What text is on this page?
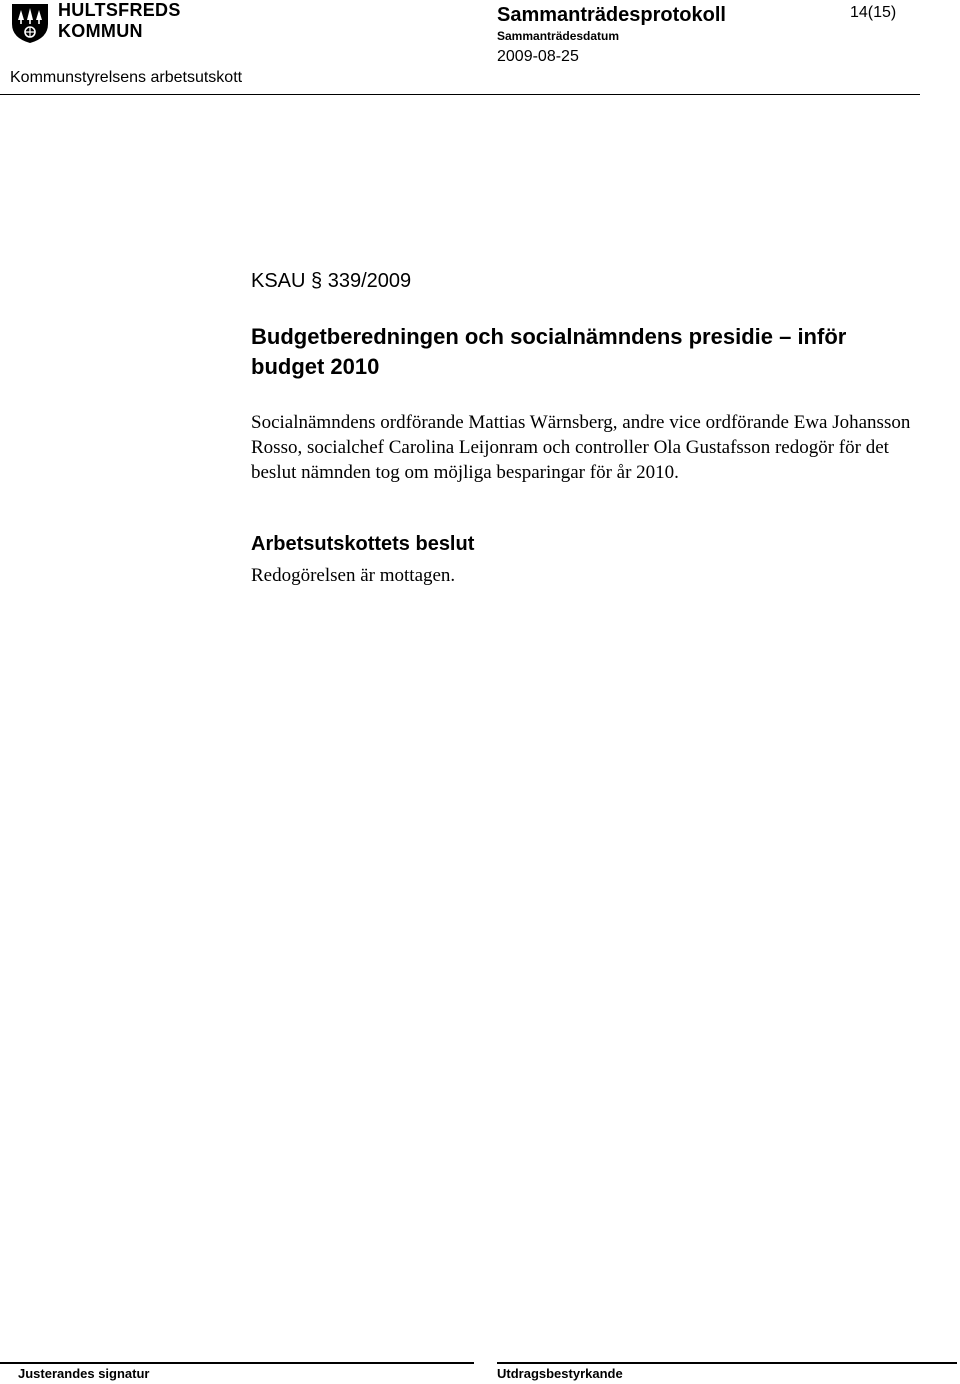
HULTSFREDS
KOMMUN
Sammanträdesprotokoll
Sammanträdesdatum
2009-08-25
14(15)
Kommunstyrelsens arbetsutskott
KSAU § 339/2009
Budgetberedningen och socialnämndens presidie – inför budget 2010

Socialnämndens ordförande Mattias Wärnsberg, andre vice ordförande Ewa Johansson Rosso, socialchef Carolina Leijonram och controller Ola Gustafsson redogör för det beslut nämnden tog om möjliga besparingar för år 2010.

Arbetsutskottets beslut
Redogörelsen är mottagen.
Justerandes signatur	Utdragsbestyrkande
